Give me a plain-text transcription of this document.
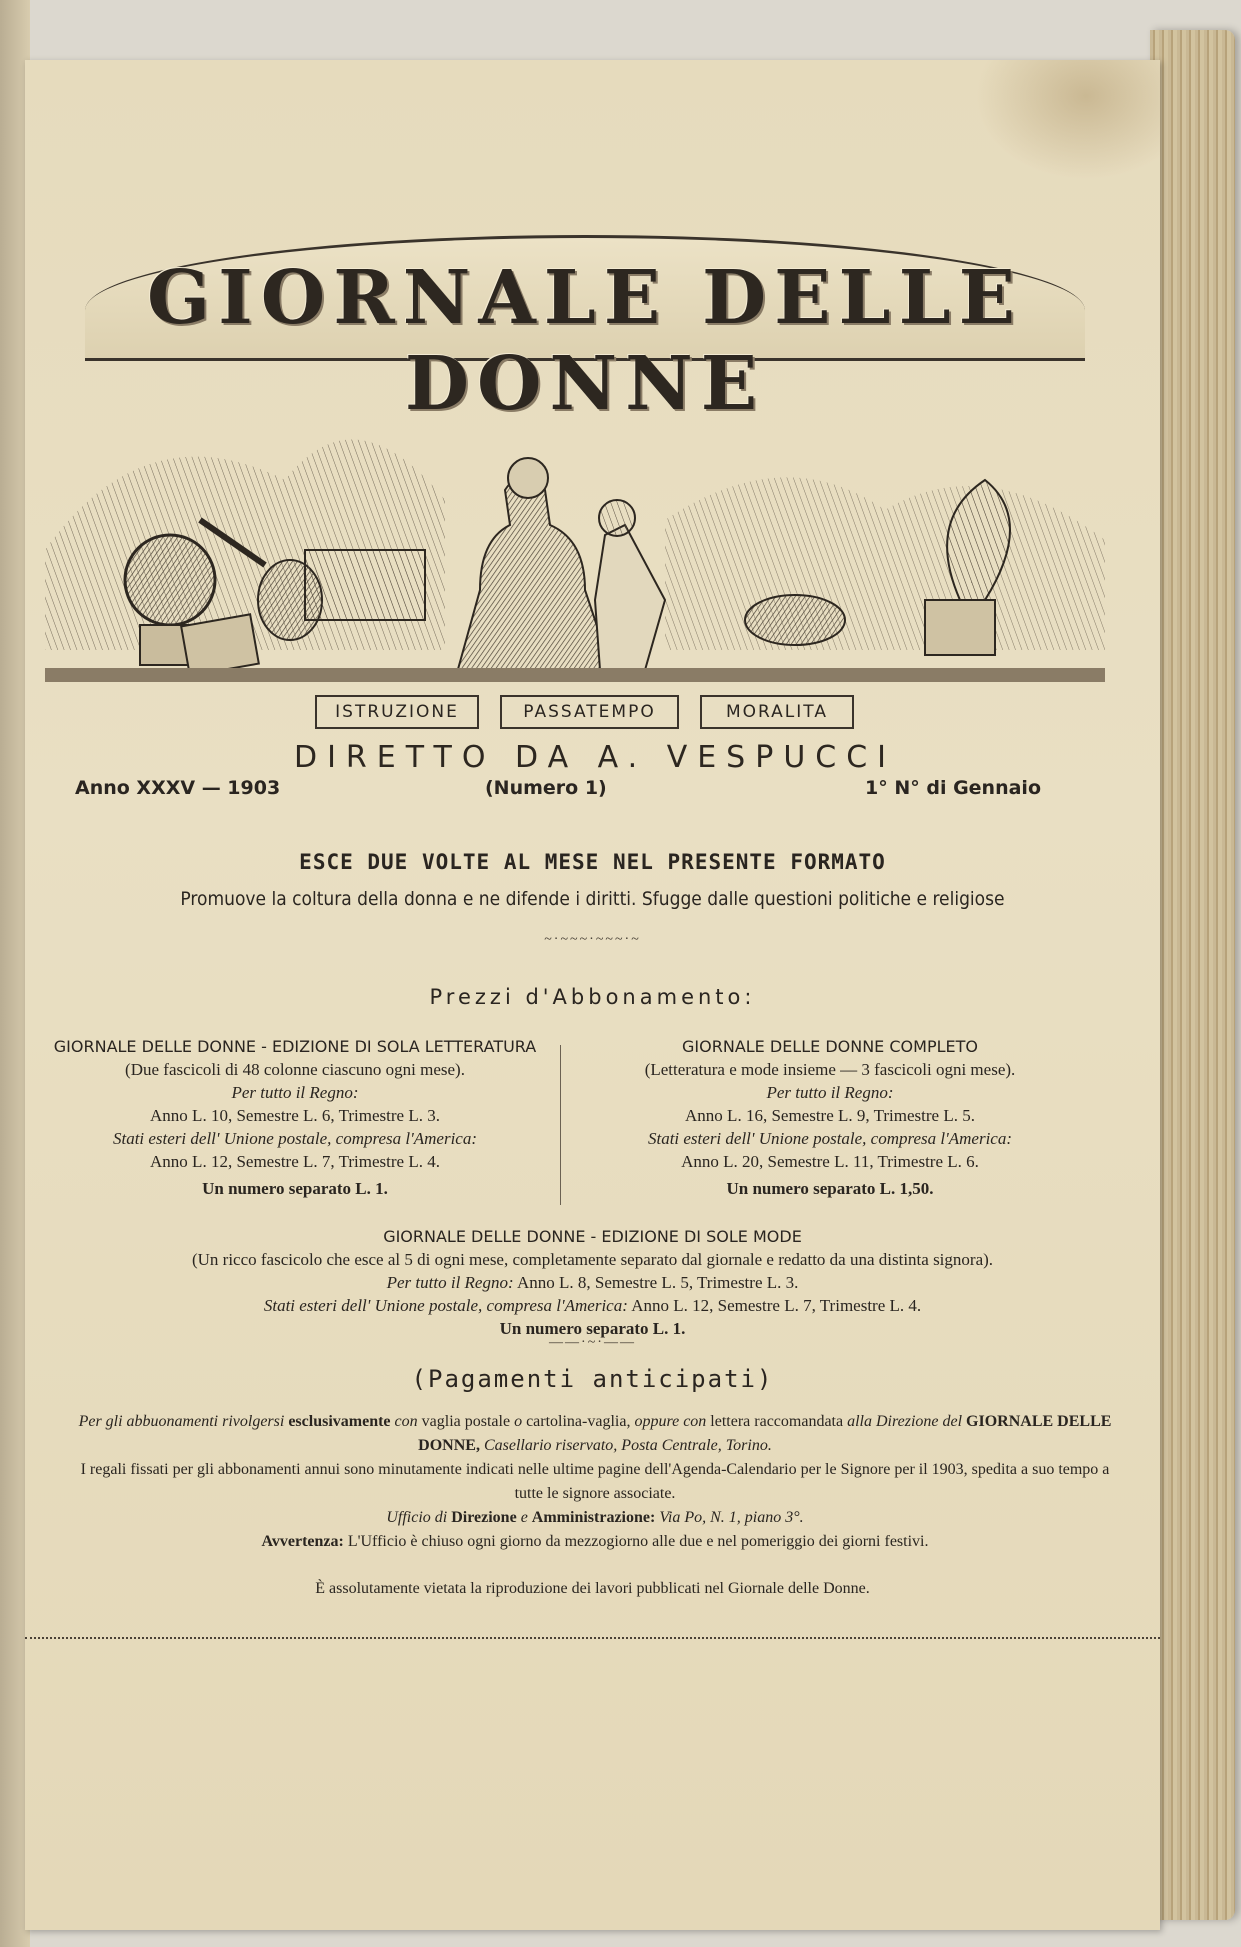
GIORNALE DELLE DONNE
ISTRUZIONE	PASSATEMPO	MORALITA
DIRETTO DA A. VESPUCCI
Anno XXXV — 1903	(Numero 1)	1° N° di Gennaio
ESCE DUE VOLTE AL MESE NEL PRESENTE FORMATO
Promuove la coltura della donna e ne difende i diritti. Sfugge dalle questioni politiche e religiose
~·~~~·~~~·~
Prezzi d'Abbonamento:
GIORNALE DELLE DONNE - EDIZIONE DI SOLA LETTERATURA
(Due fascicoli di 48 colonne ciascuno ogni mese).
Per tutto il Regno:
Anno L. 10, Semestre L. 6, Trimestre L. 3.
Stati esteri dell' Unione postale, compresa l'America:
Anno L. 12, Semestre L. 7, Trimestre L. 4.
Un numero separato L. 1.
GIORNALE DELLE DONNE COMPLETO
(Letteratura e mode insieme — 3 fascicoli ogni mese).
Per tutto il Regno:
Anno L. 16, Semestre L. 9, Trimestre L. 5.
Stati esteri dell' Unione postale, compresa l'America:
Anno L. 20, Semestre L. 11, Trimestre L. 6.
Un numero separato L. 1,50.
GIORNALE DELLE DONNE - EDIZIONE DI SOLE MODE
(Un ricco fascicolo che esce al 5 di ogni mese, completamente separato dal giornale e redatto da una distinta signora).
Per tutto il Regno: Anno L. 8, Semestre L. 5, Trimestre L. 3.
Stati esteri dell' Unione postale, compresa l'America: Anno L. 12, Semestre L. 7, Trimestre L. 4.
Un numero separato L. 1.
——·~·——
(Pagamenti anticipati)
Per gli abbuonamenti rivolgersi esclusivamente con vaglia postale o cartolina-vaglia, oppure con lettera raccomandata alla Direzione del GIORNALE DELLE DONNE, Casellario riservato, Posta Centrale, Torino.
I regali fissati per gli abbonamenti annui sono minutamente indicati nelle ultime pagine dell'Agenda-Calendario per le Signore per il 1903, spedita a suo tempo a tutte le signore associate.
Ufficio di Direzione e Amministrazione: Via Po, N. 1, piano 3°.
Avvertenza: L'Ufficio è chiuso ogni giorno da mezzogiorno alle due e nel pomeriggio dei giorni festivi.
È assolutamente vietata la riproduzione dei lavori pubblicati nel Giornale delle Donne.
